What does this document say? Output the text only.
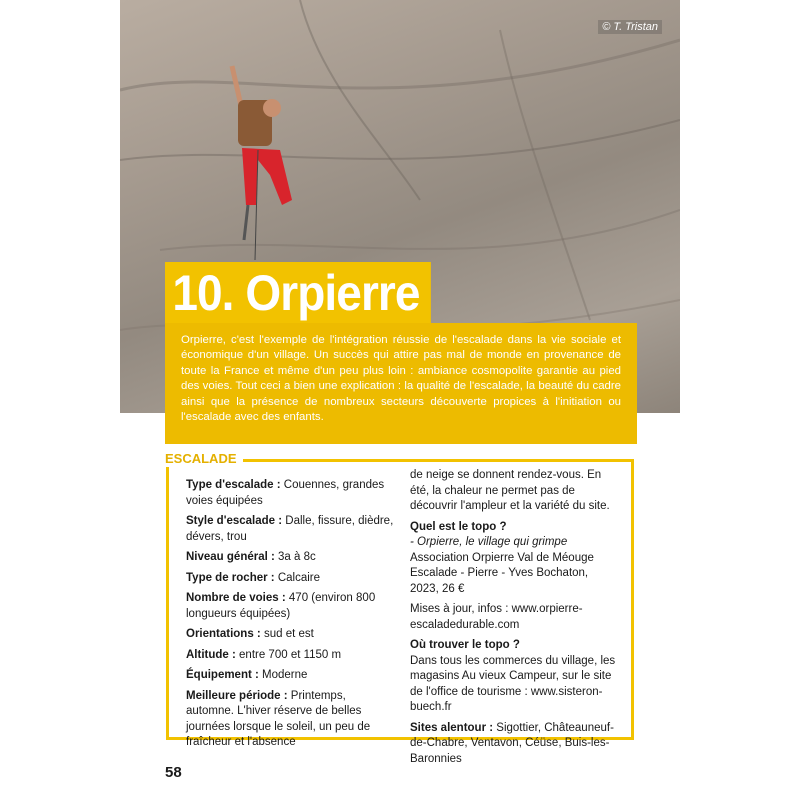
© T. Tristan
10. Orpierre
Orpierre, c'est l'exemple de l'intégration réussie de l'escalade dans la vie sociale et économique d'un village. Un succès qui attire pas mal de monde en provenance de toute la France et même d'un peu plus loin : ambiance cosmopolite garantie au pied des voies. Tout ceci a bien une explication : la qualité de l'escalade, la beauté du cadre ainsi que la présence de nombreux secteurs découverte propices à l'initiation ou l'escalade avec des enfants.
ESCALADE

Type d'escalade : Couennes, grandes voies équipées

Style d'escalade : Dalle, fissure, dièdre, dévers, trou

Niveau général : 3a à 8c

Type de rocher : Calcaire

Nombre de voies : 470 (environ 800 longueurs équipées)

Orientations : sud et est

Altitude : entre 700 et 1150 m

Équipement : Moderne

Meilleure période : Printemps, automne. L'hiver réserve de belles journées lorsque le soleil, un peu de fraîcheur et l'absence

de neige se donnent rendez-vous. En été, la chaleur ne permet pas de découvrir l'ampleur et la variété du site.

Quel est le topo ?
- Orpierre, le village qui grimpe

Association Orpierre Val de Méouge Escalade - Pierre - Yves Bochaton, 2023, 26 €

Mises à jour, infos : www.orpierre-escaladedurable.com

Où trouver le topo ?

Dans tous les commerces du village, les magasins Au vieux Campeur, sur le site de l'office de tourisme : www.sisteron-buech.fr

Sites alentour : Sigottier, Châteauneuf-de-Chabre, Ventavon, Céüse, Buis-les-Baronnies

58
